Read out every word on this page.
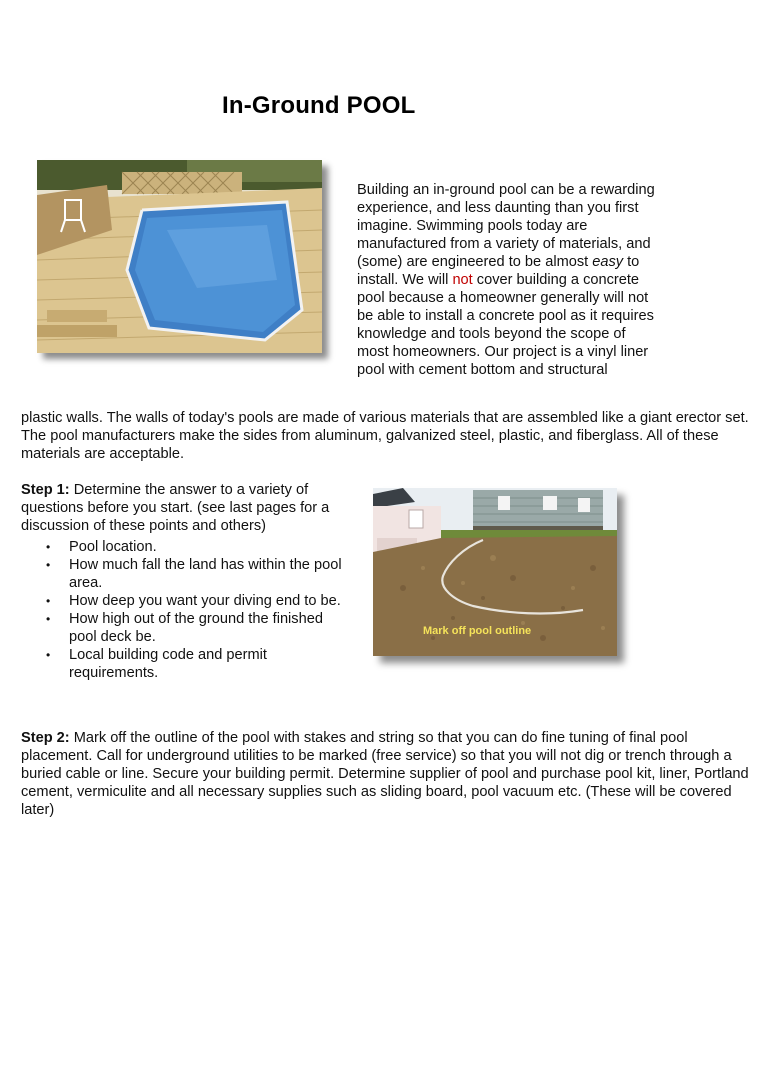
In-Ground POOL

Building an in-ground pool can be a rewarding experience, and less daunting than you first imagine. Swimming pools today are manufactured from a variety of materials, and (some) are engineered to be almost easy to install. We will not cover building a concrete pool because a homeowner generally will not be able to install a concrete pool as it requires knowledge and tools beyond the scope of most homeowners. Our project is a vinyl liner pool with cement bottom and structural

plastic walls. The walls of today's pools are made of various materials that are assembled like a giant erector set. The pool manufacturers make the sides from aluminum, galvanized steel, plastic, and fiberglass. All of these materials are acceptable.

Step 1: Determine the answer to a variety of questions before you start. (see last pages for a discussion of these points and others)

• Pool location.
• How much fall the land has within the pool area.
• How deep you want your diving end to be.
• How high out of the ground the finished pool deck be.
• Local building code and permit requirements.
Mark off pool outline

Step 2: Mark off the outline of the pool with stakes and string so that you can do fine tuning of final pool placement. Call for underground utilities to be marked (free service) so that you will not dig or trench through a buried cable or line. Secure your building permit. Determine supplier of pool and purchase pool kit, liner, Portland cement, vermiculite and all necessary supplies such as sliding board, pool vacuum etc. (These will be covered later)
